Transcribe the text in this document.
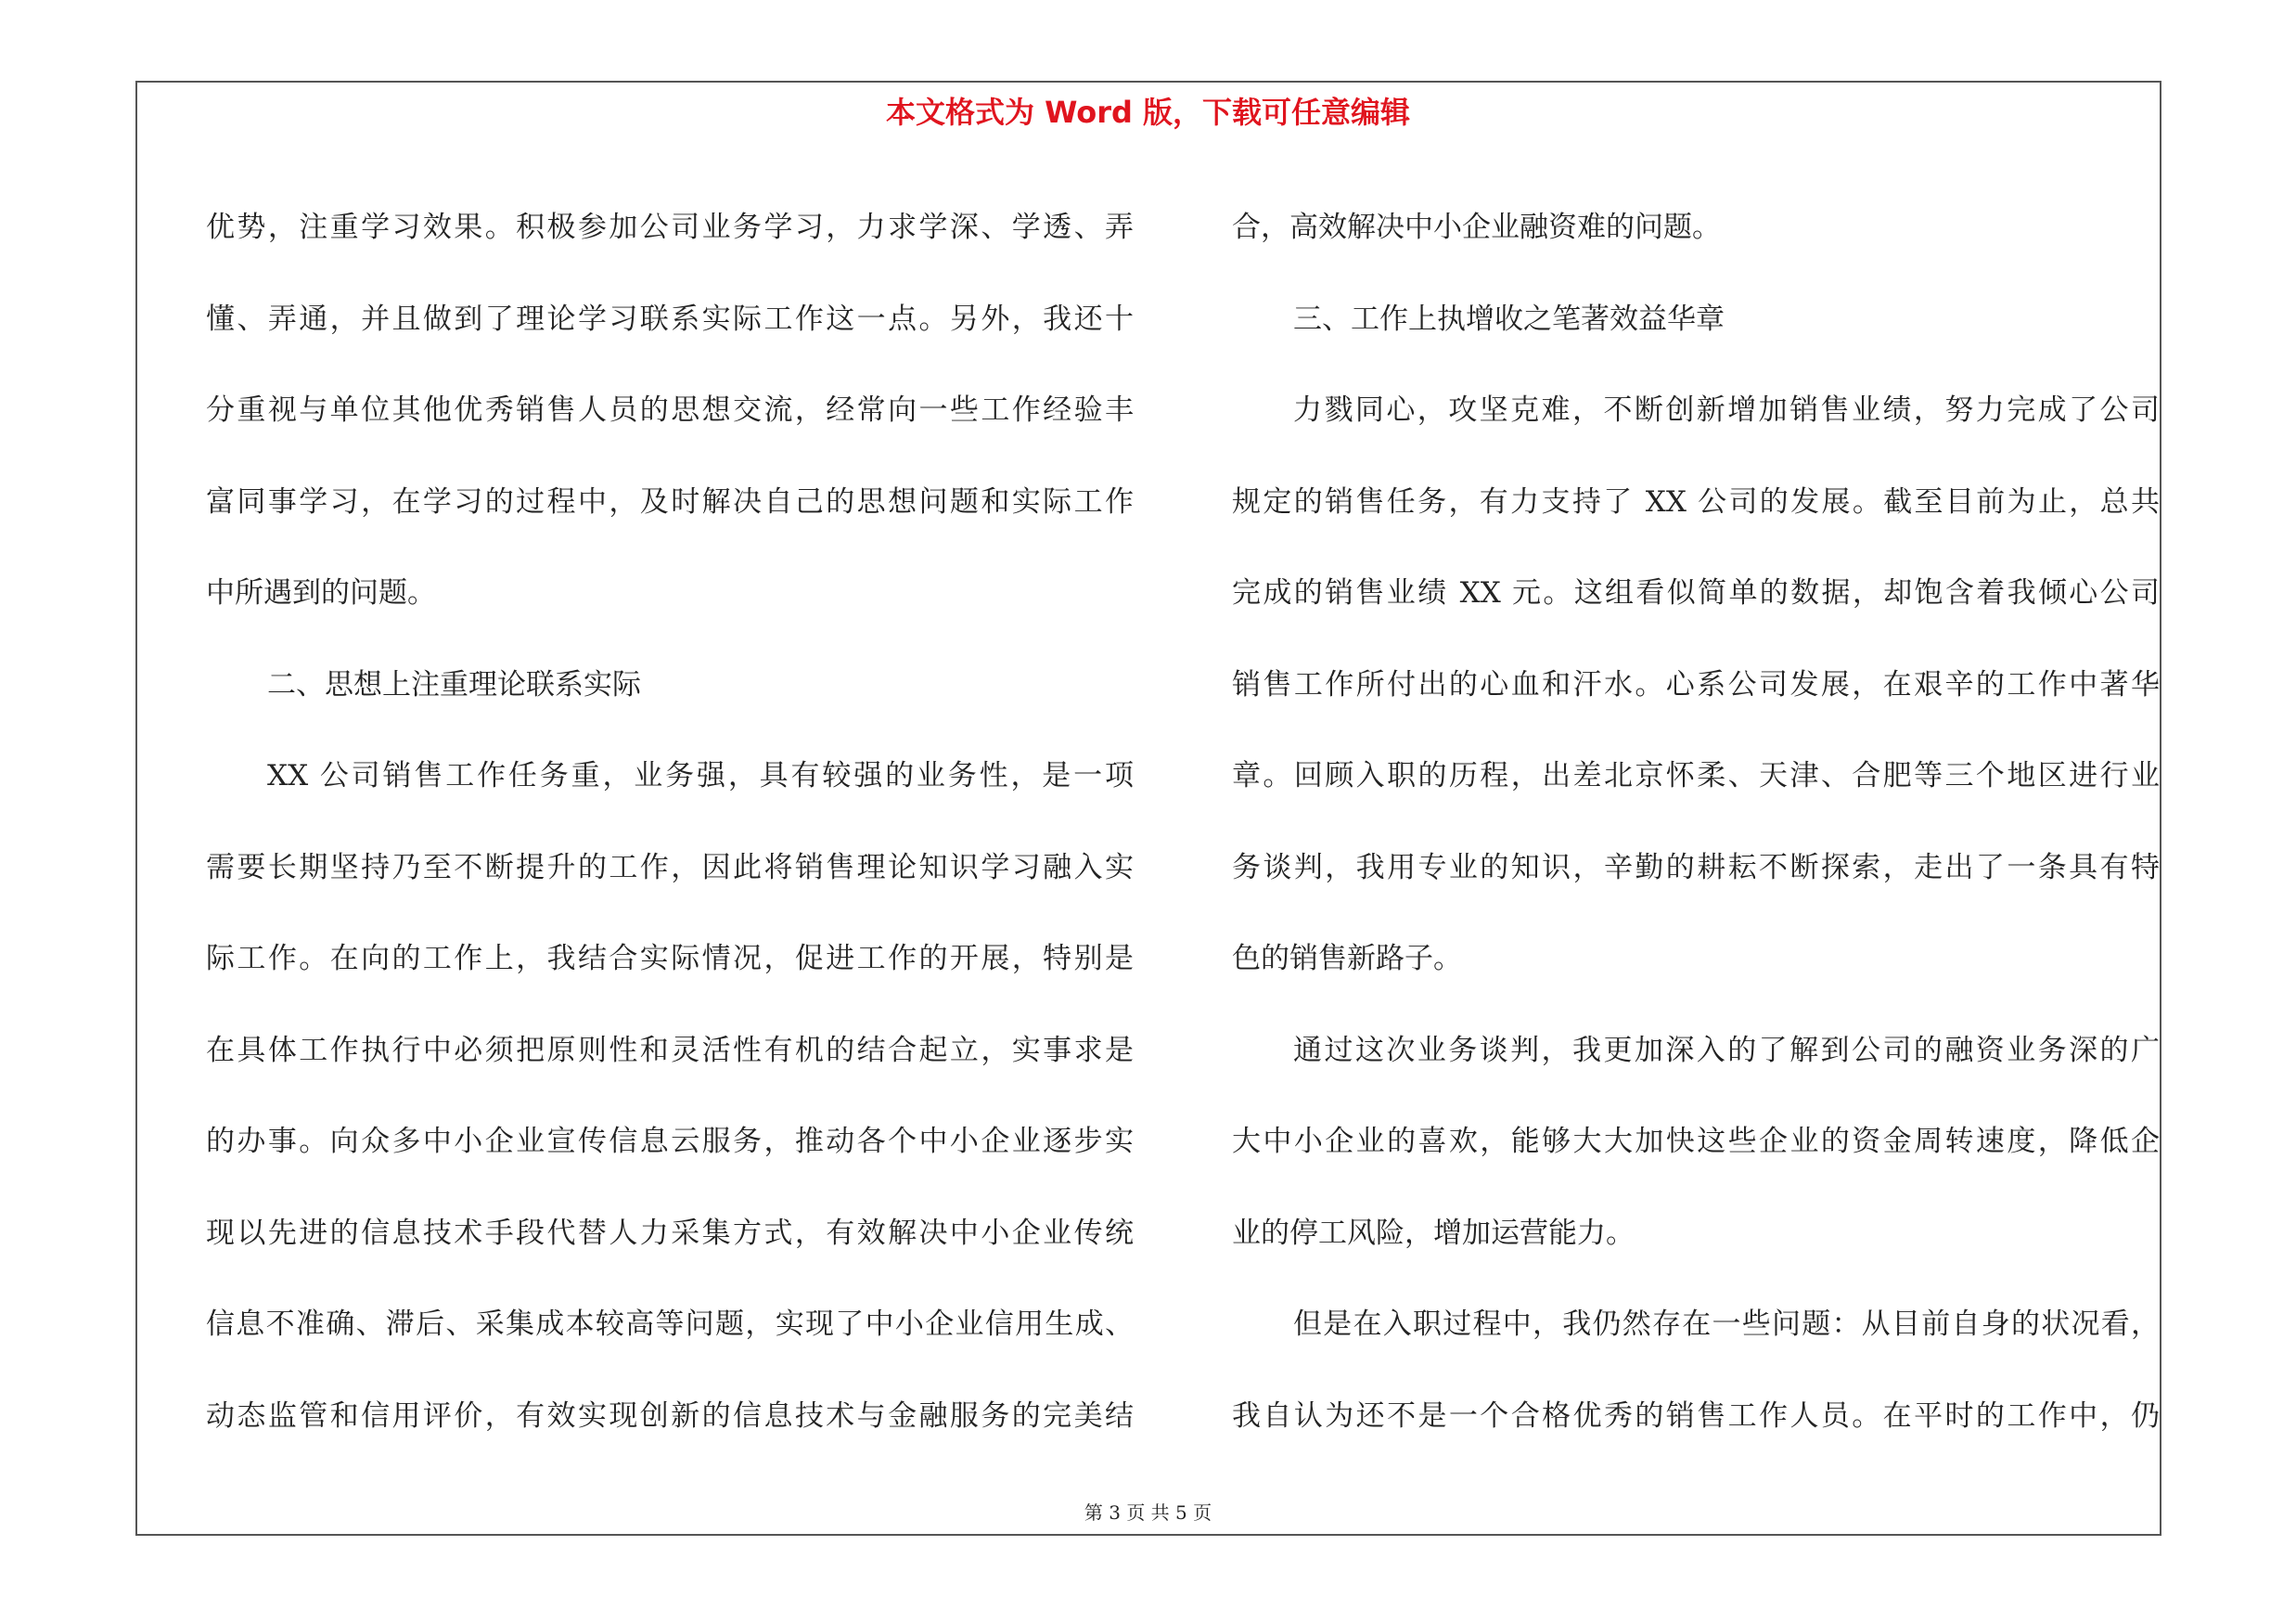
本文格式为 Word 版，下载可任意编辑
优势，注重学习效果。积极参加公司业务学习，力求学深、学透、弄
懂、弄通，并且做到了理论学习联系实际工作这一点。另外，我还十
分重视与单位其他优秀销售人员的思想交流，经常向一些工作经验丰
富同事学习，在学习的过程中，及时解决自己的思想问题和实际工作
中所遇到的问题。
二、思想上注重理论联系实际
XX 公司销售工作任务重，业务强，具有较强的业务性，是一项
需要长期坚持乃至不断提升的工作，因此将销售理论知识学习融入实
际工作。在向的工作上，我结合实际情况，促进工作的开展，特别是
在具体工作执行中必须把原则性和灵活性有机的结合起立，实事求是
的办事。向众多中小企业宣传信息云服务，推动各个中小企业逐步实
现以先进的信息技术手段代替人力采集方式，有效解决中小企业传统
信息不准确、滞后、采集成本较高等问题，实现了中小企业信用生成、
动态监管和信用评价，有效实现创新的信息技术与金融服务的完美结
合，高效解决中小企业融资难的问题。
三、工作上执增收之笔著效益华章
力戮同心，攻坚克难，不断创新增加销售业绩，努力完成了公司
规定的销售任务，有力支持了 XX 公司的发展。截至目前为止，总共
完成的销售业绩 XX 元。这组看似简单的数据，却饱含着我倾心公司
销售工作所付出的心血和汗水。心系公司发展，在艰辛的工作中著华
章。回顾入职的历程，出差北京怀柔、天津、合肥等三个地区进行业
务谈判，我用专业的知识，辛勤的耕耘不断探索，走出了一条具有特
色的销售新路子。
通过这次业务谈判，我更加深入的了解到公司的融资业务深的广
大中小企业的喜欢，能够大大加快这些企业的资金周转速度，降低企
业的停工风险，增加运营能力。
但是在入职过程中，我仍然存在一些问题：从目前自身的状况看，
我自认为还不是一个合格优秀的销售工作人员。在平时的工作中，仍
第 3 页 共 5 页
